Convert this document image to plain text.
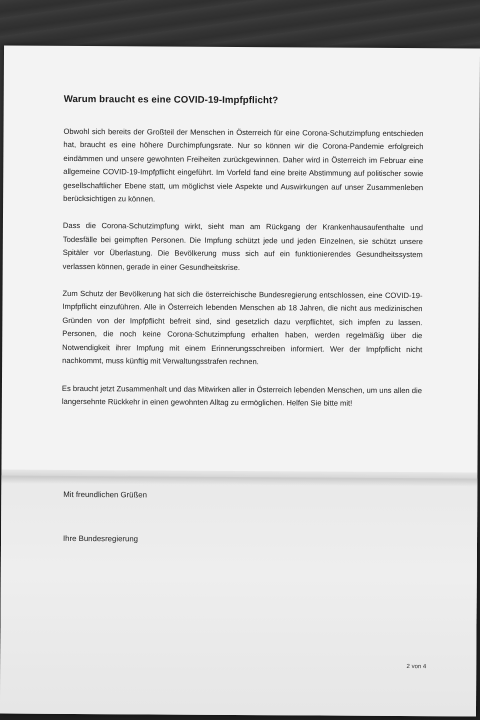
Warum braucht es eine COVID-19-Impfpflicht?

Obwohl sich bereits der Großteil der Menschen in Österreich für eine Corona-Schutzimpfung entschieden hat, braucht es eine höhere Durchimpfungsrate. Nur so können wir die Corona-Pandemie erfolgreich eindämmen und unsere gewohnten Freiheiten zurückgewinnen. Daher wird in Österreich im Februar eine allgemeine COVID-19-Impfpflicht eingeführt. Im Vorfeld fand eine breite Abstimmung auf politischer sowie gesellschaftlicher Ebene statt, um möglichst viele Aspekte und Auswirkungen auf unser Zusammenleben berücksichtigen zu können.

Dass die Corona-Schutzimpfung wirkt, sieht man am Rückgang der Krankenhausaufenthalte und Todesfälle bei geimpften Personen. Die Impfung schützt jede und jeden Einzelnen, sie schützt unsere Spitäler vor Überlastung. Die Bevölkerung muss sich auf ein funktionierendes Gesundheitssystem verlassen können, gerade in einer Gesundheitskrise.

Zum Schutz der Bevölkerung hat sich die österreichische Bundesregierung entschlossen, eine COVID-19-Impfpflicht einzuführen. Alle in Österreich lebenden Menschen ab 18 Jahren, die nicht aus medizinischen Gründen von der Impfpflicht befreit sind, sind gesetzlich dazu verpflichtet, sich impfen zu lassen. Personen, die noch keine Corona-Schutzimpfung erhalten haben, werden regelmäßig über die Notwendigkeit ihrer Impfung mit einem Erinnerungsschreiben informiert. Wer der Impfpflicht nicht nachkommt, muss künftig mit Verwaltungsstrafen rechnen.

Es braucht jetzt Zusammenhalt und das Mitwirken aller in Österreich lebenden Menschen, um uns allen die langersehnte Rückkehr in einen gewohnten Alltag zu ermöglichen. Helfen Sie bitte mit!

Mit freundlichen Grüßen
Ihre Bundesregierung
2 von 4
